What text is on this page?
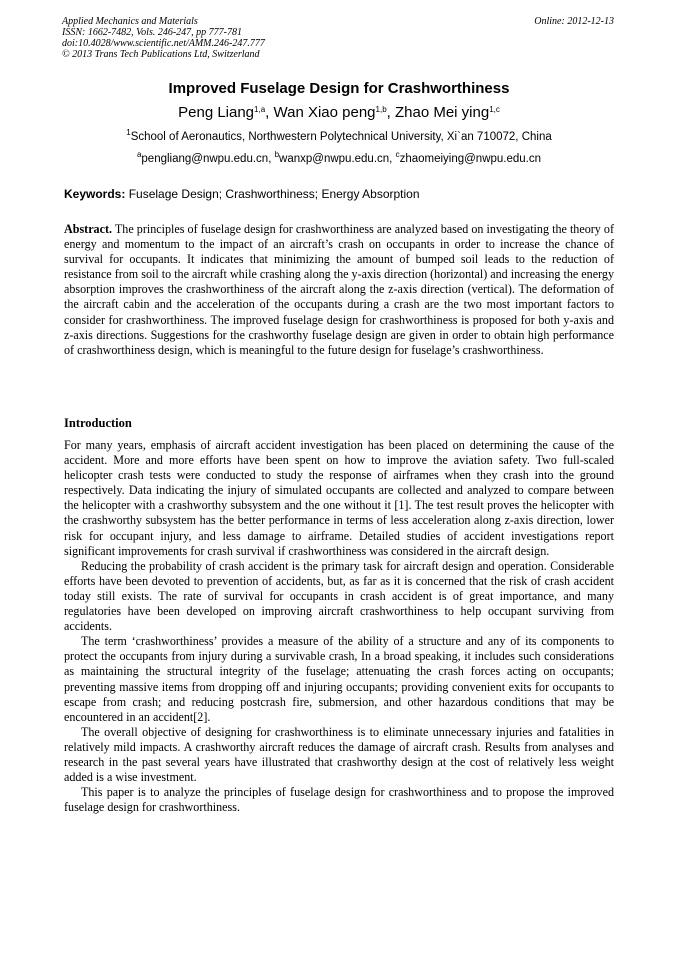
Applied Mechanics and Materials
ISSN: 1662-7482, Vols. 246-247, pp 777-781
doi:10.4028/www.scientific.net/AMM.246-247.777
© 2013 Trans Tech Publications Ltd, Switzerland
Online: 2012-12-13
Improved Fuselage Design for Crashworthiness
Peng Liang$^{1,a}$, Wan Xiao peng$^{1,b}$, Zhao Mei ying$^{1,c}$
$^1$School of Aeronautics, Northwestern Polytechnical University, Xi`an 710072, China
$^a$pengliang@nwpu.edu.cn, $^b$wanxp@nwpu.edu.cn, $^c$zhaomeiying@nwpu.edu.cn
Keywords: Fuselage Design; Crashworthiness; Energy Absorption

Abstract. The principles of fuselage design for crashworthiness are analyzed based on investigating the theory of energy and momentum to the impact of an aircraft’s crash on occupants in order to increase the chance of survival for occupants. It indicates that minimizing the amount of bumped soil leads to the reduction of resistance from soil to the aircraft while crashing along the y-axis direction (horizontal) and increasing the energy absorption improves the crashworthiness of the aircraft along the z-axis direction (vertical). The deformation of the aircraft cabin and the acceleration of the occupants during a crash are the two most important factors to consider for crashworthiness. The improved fuselage design for crashworthiness is proposed for both y-axis and z-axis directions. Suggestions for the crashworthy fuselage design are given in order to obtain high performance of crashworthiness design, which is meaningful to the future design for fuselage’s crashworthiness.

Introduction

For many years, emphasis of aircraft accident investigation has been placed on determining the cause of the accident. More and more efforts have been spent on how to improve the aviation safety. Two full-scaled helicopter crash tests were conducted to study the response of airframes when they crash into the ground respectively. Data indicating the injury of simulated occupants are collected and analyzed to compare between the helicopter with a crashworthy subsystem and the one without it [1]. The test result proves the helicopter with the crashworthy subsystem has the better performance in terms of less acceleration along z-axis direction, lower risk for occupant injury, and less damage to airframe. Detailed studies of accident investigations report significant improvements for crash survival if crashworthiness was considered in the aircraft design.

Reducing the probability of crash accident is the primary task for aircraft design and operation. Considerable efforts have been devoted to prevention of accidents, but, as far as it is concerned that the risk of crash accident today still exists. The rate of survival for occupants in crash accident is of great importance, and many regulatories have been developed on improving aircraft crashworthiness to help occupant surviving from accidents.

The term ‘crashworthiness’ provides a measure of the ability of a structure and any of its components to protect the occupants from injury during a survivable crash, In a broad speaking, it includes such considerations as maintaining the structural integrity of the fuselage; attenuating the crash forces acting on occupants; preventing massive items from dropping off and injuring occupants; providing convenient exits for occupants to escape from crash; and reducing postcrash fire, submersion, and other hazardous conditions that may be encountered in an accident[2].

The overall objective of designing for crashworthiness is to eliminate unnecessary injuries and fatalities in relatively mild impacts. A crashworthy aircraft reduces the damage of aircraft crash. Results from analyses and research in the past several years have illustrated that crashworthy design at the cost of relatively less weight added is a wise investment.

This paper is to analyze the principles of fuselage design for crashworthiness and to propose the improved fuselage design for crashworthiness.
